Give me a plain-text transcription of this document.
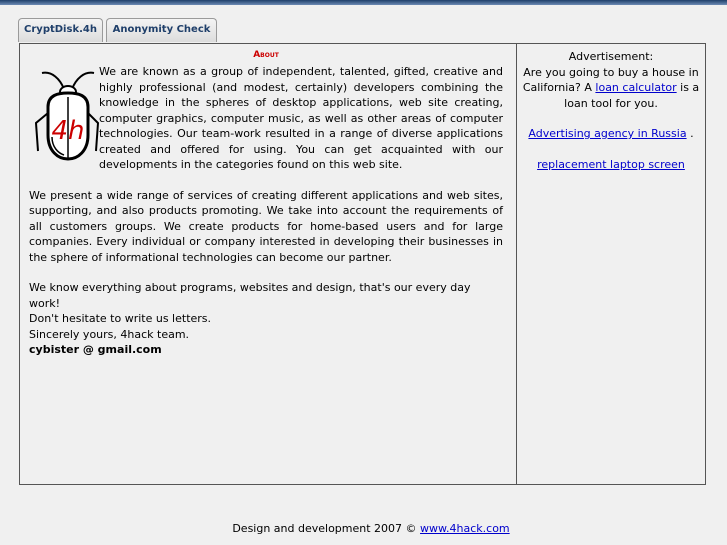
CryptDisk.4h	Anonymity Check
About
4h

We are known as a group of independent, talented, gifted, creative and highly professional (and modest, certainly) developers combining the knowledge in the spheres of desktop applications, web site creating, computer graphics, computer music, as well as other areas of computer technologies. Our team-work resulted in a range of diverse applications created and offered for using. You can get acquainted with our developments in the categories found on this web site.

We present a wide range of services of creating different applications and web sites, supporting, and also products promoting. We take into account the requirements of all customers groups. We create products for home-based users and for large companies. Every individual or company interested in developing their businesses in the sphere of informational technologies can become our partner.

We know everything about programs, websites and design, that's our every day work!
Don't hesitate to write us letters.
Sincerely yours, 4hack team.
cybister @ gmail.com

Advertisement:

Are you going to buy a house in California? A loan calculator is a loan tool for you.

Advertising agency in Russia .

replacement laptop screen

Design and development 2007 © www.4hack.com
